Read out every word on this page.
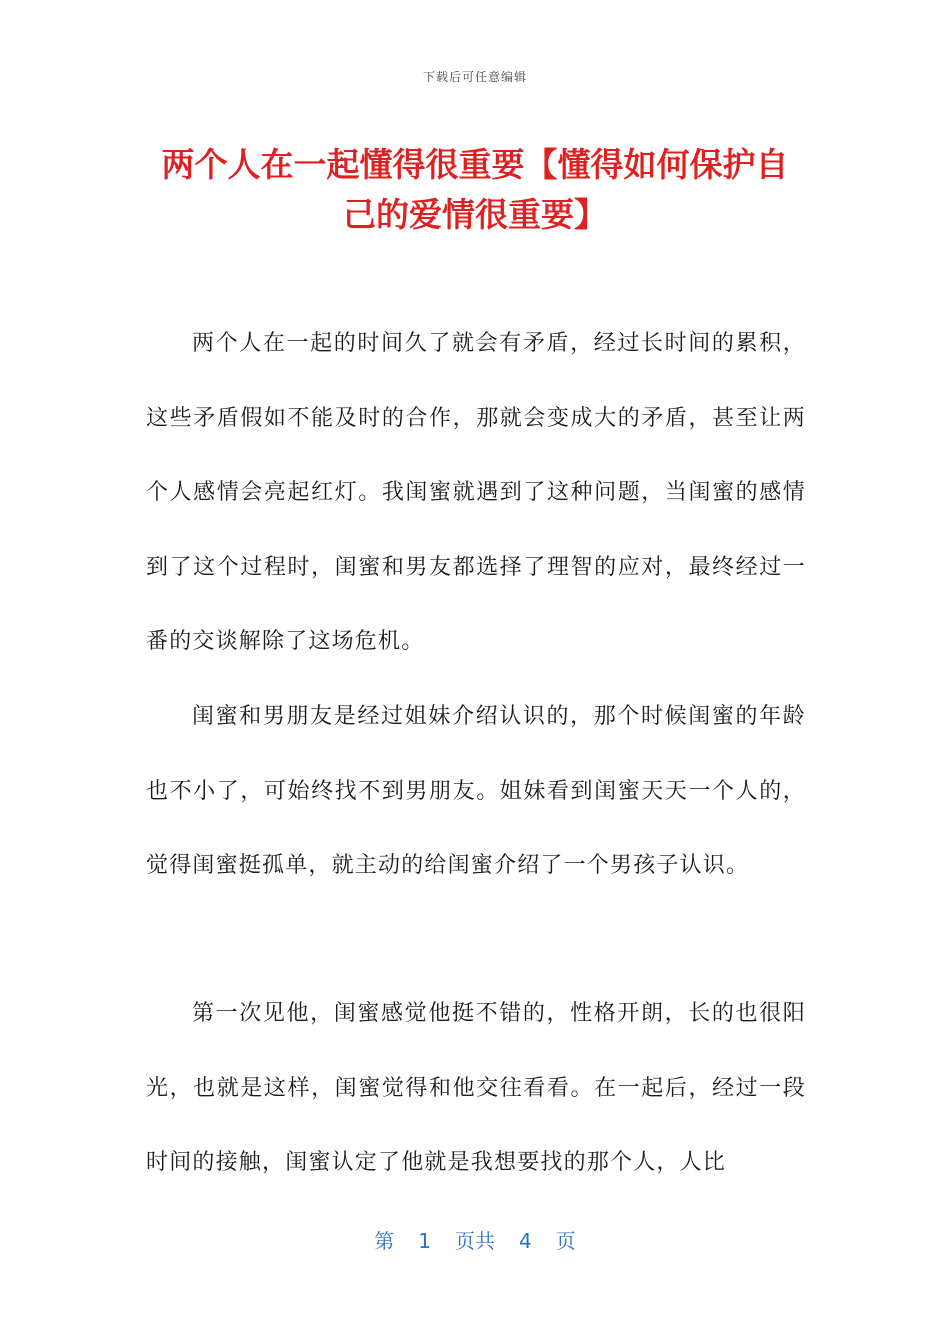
下载后可任意编辑
两个人在一起懂得很重要【懂得如何保护自己的爱情很重要】

两个人在一起的时间久了就会有矛盾，经过长时间的累积，这些矛盾假如不能及时的合作，那就会变成大的矛盾，甚至让两个人感情会亮起红灯。我闺蜜就遇到了这种问题，当闺蜜的感情到了这个过程时，闺蜜和男友都选择了理智的应对，最终经过一番的交谈解除了这场危机。

闺蜜和男朋友是经过姐妹介绍认识的，那个时候闺蜜的年龄也不小了，可始终找不到男朋友。姐妹看到闺蜜天天一个人的，觉得闺蜜挺孤单，就主动的给闺蜜介绍了一个男孩子认识。

第一次见他，闺蜜感觉他挺不错的，性格开朗，长的也很阳光，也就是这样，闺蜜觉得和他交往看看。在一起后，经过一段时间的接触，闺蜜认定了他就是我想要找的那个人，人比

第 1 页共 4 页
